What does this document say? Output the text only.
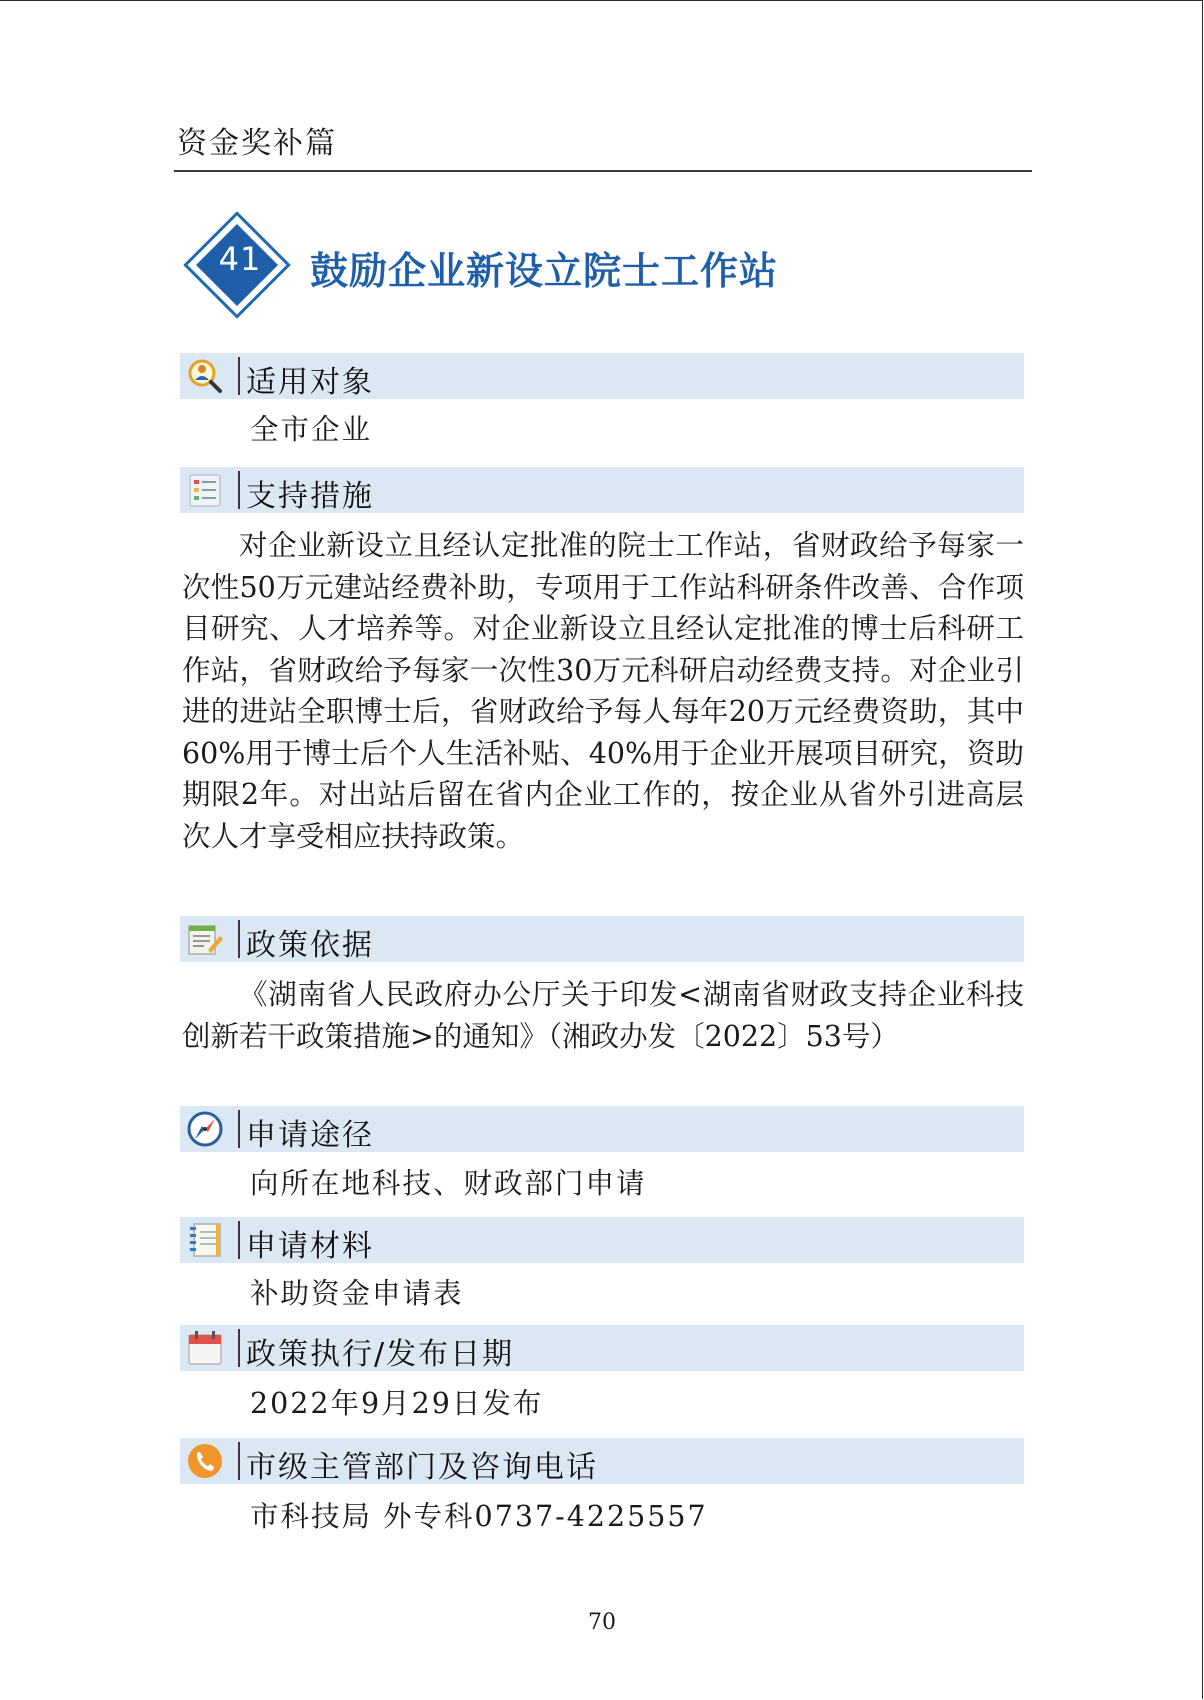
资金奖补篇
41	鼓励企业新设立院士工作站
适用对象

全市企业

支持措施

对企业新设立且经认定批准的院士工作站，省财政给予每家一次性50万元建站经费补助，专项用于工作站科研条件改善、合作项目研究、人才培养等。对企业新设立且经认定批准的博士后科研工作站，省财政给予每家一次性30万元科研启动经费支持。对企业引进的进站全职博士后，省财政给予每人每年20万元经费资助，其中60%用于博士后个人生活补贴、40%用于企业开展项目研究，资助期限2年。对出站后留在省内企业工作的，按企业从省外引进高层次人才享受相应扶持政策。

政策依据

《湖南省人民政府办公厅关于印发<湖南省财政支持企业科技创新若干政策措施>的通知》（湘政办发〔2022〕53号）

申请途径

向所在地科技、财政部门申请

申请材料

补助资金申请表

政策执行/发布日期

2022年9月29日发布

市级主管部门及咨询电话

市科技局 外专科0737-4225557

70
